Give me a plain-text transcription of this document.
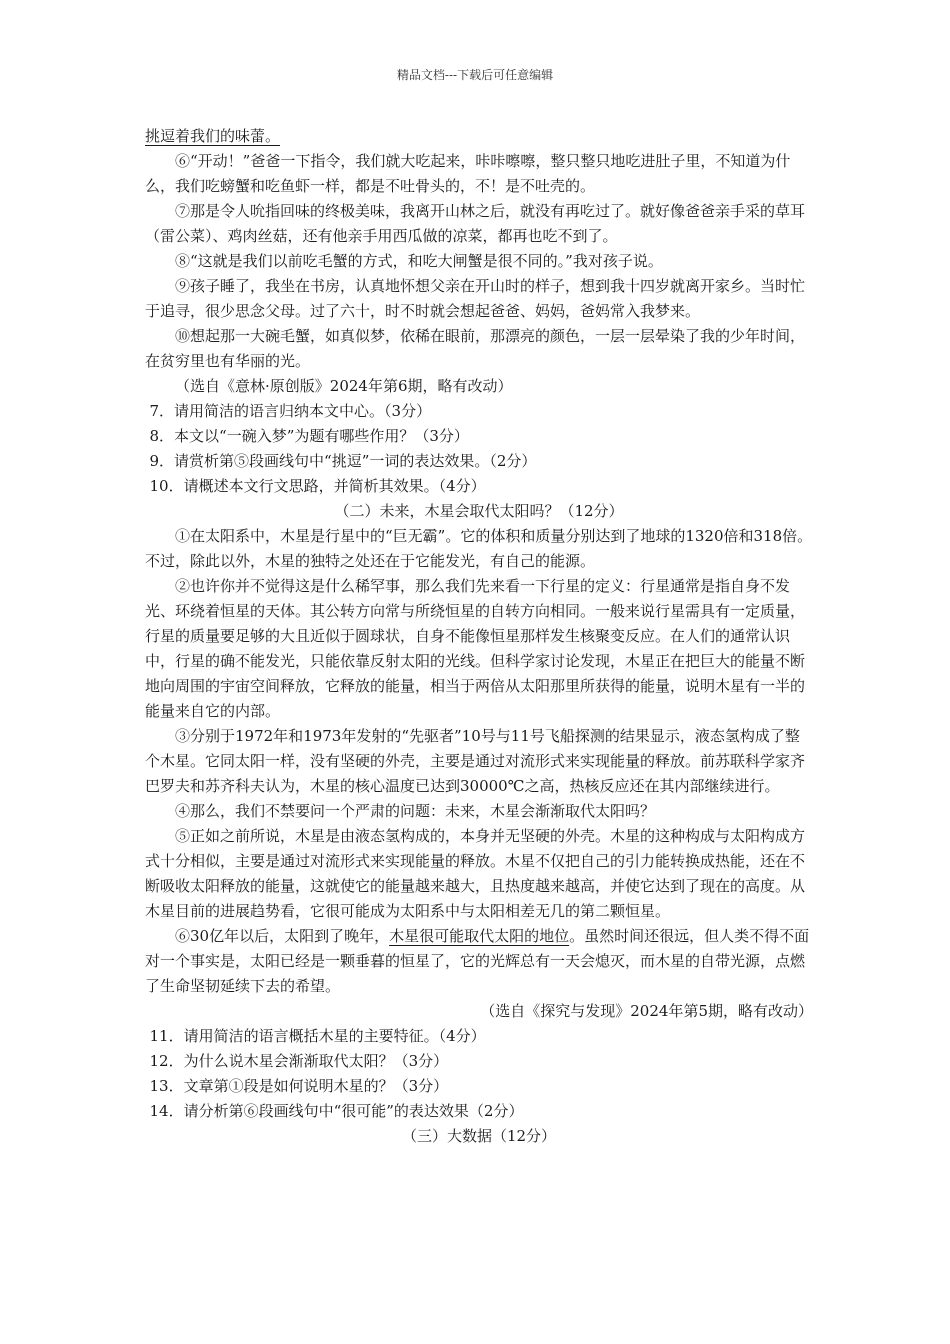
精品文档---下载后可任意编辑

挑逗着我们的味蕾。

⑥“开动！”爸爸一下指令，我们就大吃起来，咔咔嚓嚓，整只整只地吃进肚子里，不知道为什么，我们吃螃蟹和吃鱼虾一样，都是不吐骨头的，不！是不吐壳的。

⑦那是令人吮指回味的终极美味，我离开山林之后，就没有再吃过了。就好像爸爸亲手采的草耳（雷公菜）、鸡肉丝菇，还有他亲手用西瓜做的凉菜，都再也吃不到了。

⑧“这就是我们以前吃毛蟹的方式，和吃大闸蟹是很不同的。”我对孩子说。

⑨孩子睡了，我坐在书房，认真地怀想父亲在开山时的样子，想到我十四岁就离开家乡。当时忙于追寻，很少思念父母。过了六十，时不时就会想起爸爸、妈妈，爸妈常入我梦来。

⑩想起那一大碗毛蟹，如真似梦，依稀在眼前，那漂亮的颜色，一层一层晕染了我的少年时间，在贫穷里也有华丽的光。

（选自《意林·原创版》2024年第6期，略有改动）

7．请用简洁的语言归纳本文中心。（3分）

8．本文以“一碗入梦”为题有哪些作用？（3分）

9．请赏析第⑤段画线句中“挑逗”一词的表达效果。（2分）

10．请概述本文行文思路，并简析其效果。（4分）

（二）未来，木星会取代太阳吗？（12分）

①在太阳系中，木星是行星中的“巨无霸”。它的体积和质量分别达到了地球的1320倍和318倍。不过，除此以外，木星的独特之处还在于它能发光，有自己的能源。

②也许你并不觉得这是什么稀罕事，那么我们先来看一下行星的定义：行星通常是指自身不发光、环绕着恒星的天体。其公转方向常与所绕恒星的自转方向相同。一般来说行星需具有一定质量，行星的质量要足够的大且近似于圆球状，自身不能像恒星那样发生核聚变反应。在人们的通常认识中，行星的确不能发光，只能依靠反射太阳的光线。但科学家讨论发现，木星正在把巨大的能量不断地向周围的宇宙空间释放，它释放的能量，相当于两倍从太阳那里所获得的能量，说明木星有一半的能量来自它的内部。

③分别于1972年和1973年发射的“先驱者”10号与11号飞船探测的结果显示，液态氢构成了整个木星。它同太阳一样，没有坚硬的外壳，主要是通过对流形式来实现能量的释放。前苏联科学家齐巴罗夫和苏齐科夫认为，木星的核心温度已达到30000℃之高，热核反应还在其内部继续进行。

④那么，我们不禁要问一个严肃的问题：未来，木星会渐渐取代太阳吗？

⑤正如之前所说，木星是由液态氢构成的，本身并无坚硬的外壳。木星的这种构成与太阳构成方式十分相似，主要是通过对流形式来实现能量的释放。木星不仅把自己的引力能转换成热能，还在不断吸收太阳释放的能量，这就使它的能量越来越大，且热度越来越高，并使它达到了现在的高度。从木星目前的进展趋势看，它很可能成为太阳系中与太阳相差无几的第二颗恒星。

⑥30亿年以后，太阳到了晚年，木星很可能取代太阳的地位。虽然时间还很远，但人类不得不面对一个事实是，太阳已经是一颗垂暮的恒星了，它的光辉总有一天会熄灭，而木星的自带光源，点燃了生命坚韧延续下去的希望。

（选自《探究与发现》2024年第5期，略有改动）

11．请用简洁的语言概括木星的主要特征。（4分）

12．为什么说木星会渐渐取代太阳？（3分）

13．文章第①段是如何说明木星的？（3分）

14．请分析第⑥段画线句中“很可能”的表达效果（2分）

（三）大数据（12分）
